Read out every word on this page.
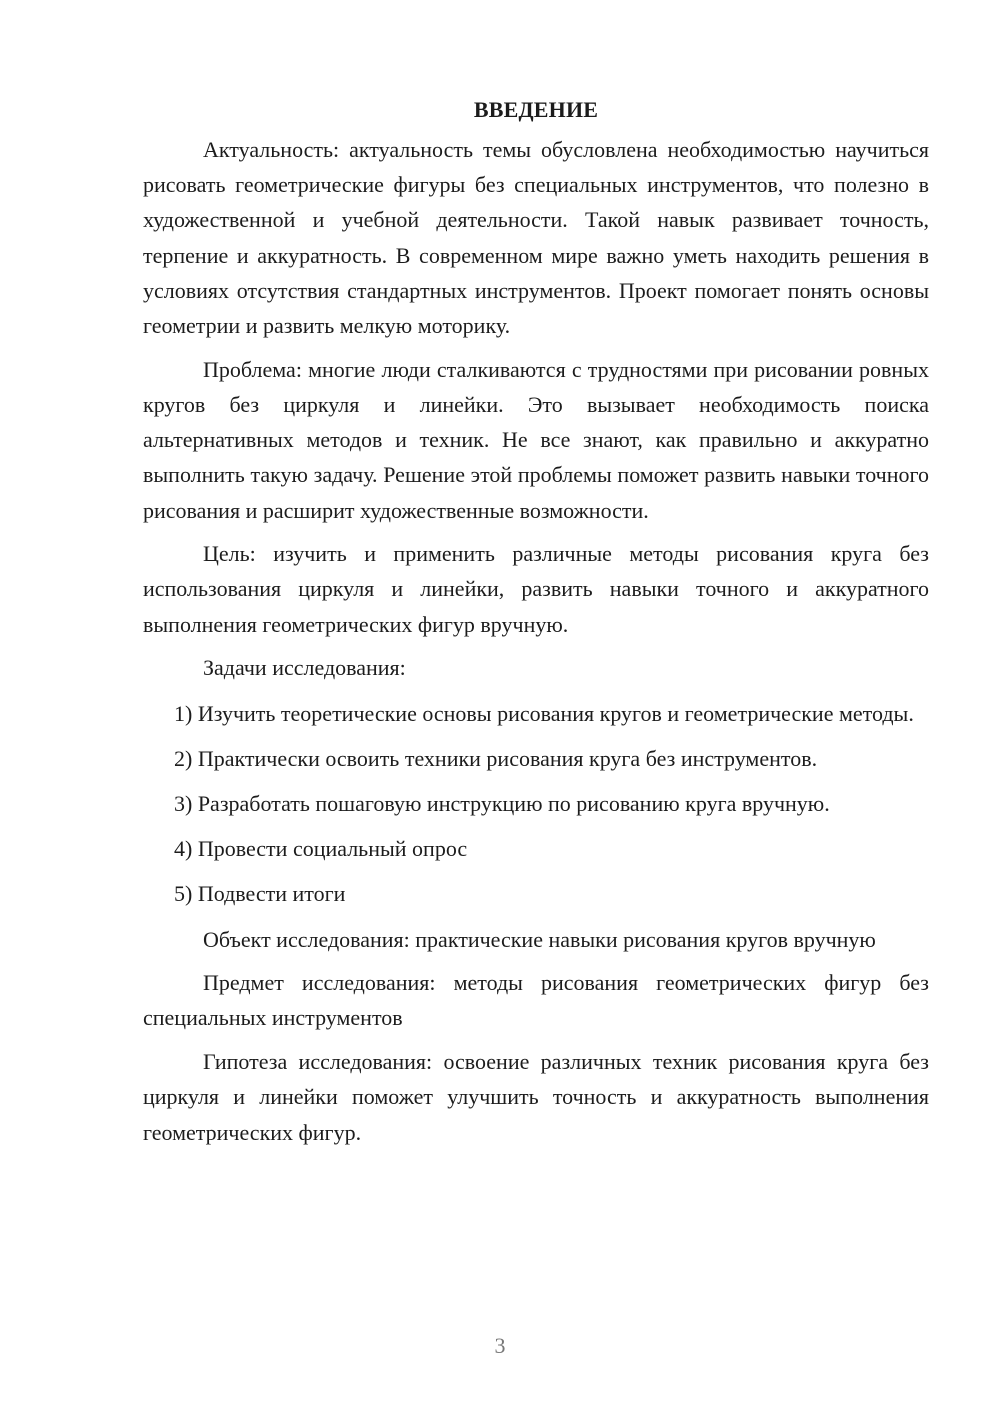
ВВЕДЕНИЕ

Актуальность: актуальность темы обусловлена необходимостью научиться рисовать геометрические фигуры без специальных инструментов, что полезно в художественной и учебной деятельности. Такой навык развивает точность, терпение и аккуратность. В современном мире важно уметь находить решения в условиях отсутствия стандартных инструментов. Проект помогает понять основы геометрии и развить мелкую моторику.

Проблема: многие люди сталкиваются с трудностями при рисовании ровных кругов без циркуля и линейки. Это вызывает необходимость поиска альтернативных методов и техник. Не все знают, как правильно и аккуратно выполнить такую задачу. Решение этой проблемы поможет развить навыки точного рисования и расширит художественные возможности.

Цель: изучить и применить различные методы рисования круга без использования циркуля и линейки, развить навыки точного и аккуратного выполнения геометрических фигур вручную.

Задачи исследования:

1) Изучить теоретические основы рисования кругов и геометрические методы.
2) Практически освоить техники рисования круга без инструментов.
3) Разработать пошаговую инструкцию по рисованию круга вручную.
4) Провести социальный опрос
5) Подвести итоги

Объект исследования: практические навыки рисования кругов вручную

Предмет исследования: методы рисования геометрических фигур без специальных инструментов

Гипотеза исследования: освоение различных техник рисования круга без циркуля и линейки поможет улучшить точность и аккуратность выполнения геометрических фигур.

3
